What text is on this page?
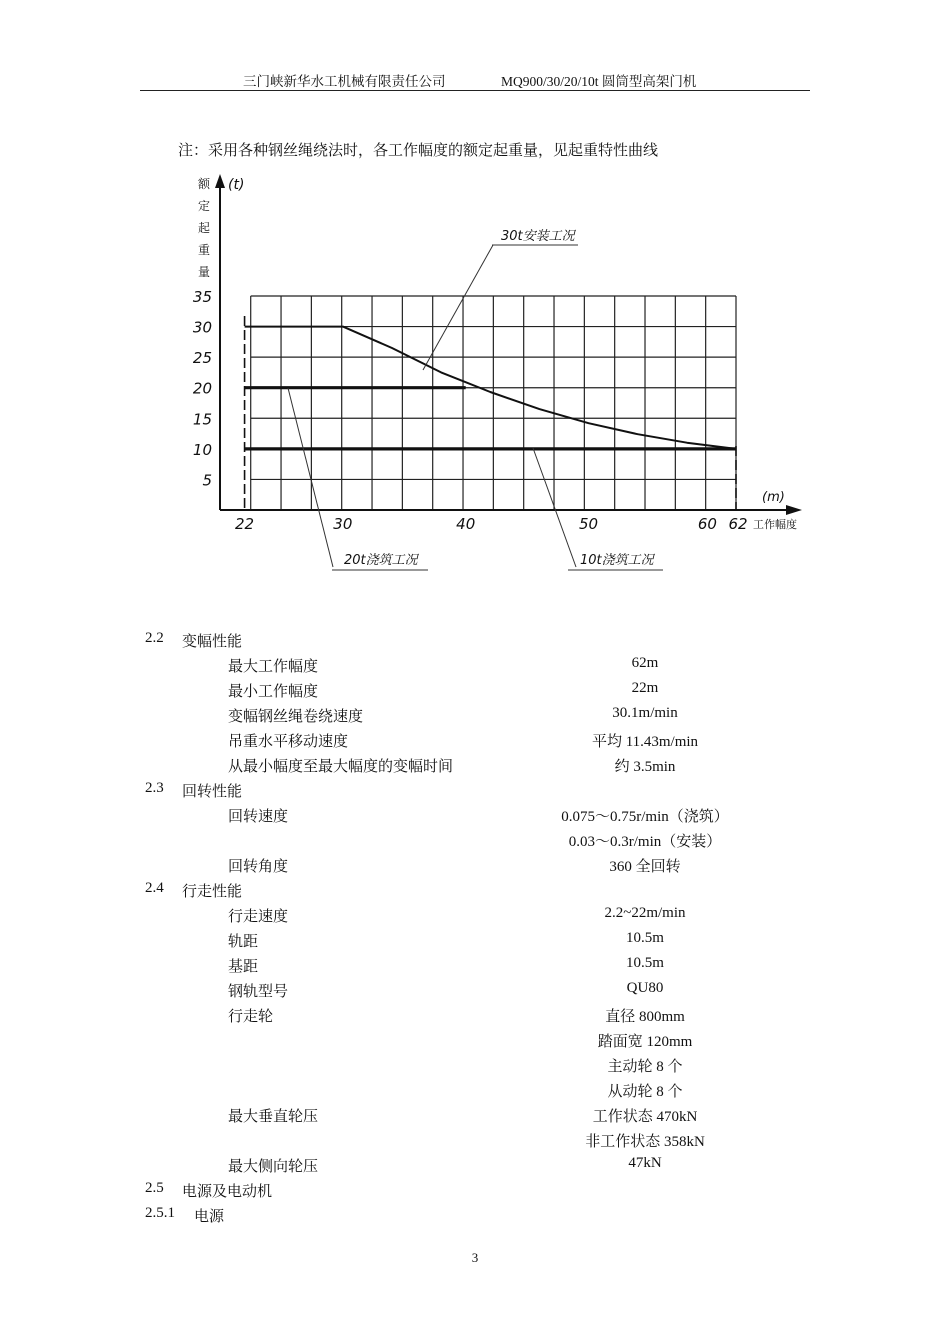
三门峡新华水工机械有限责任公司	MQ900/30/20/10t 圆筒型高架门机
注：采用各种钢丝绳绕法时，各工作幅度的额定起重量，见起重特性曲线
5
10
15
20
25
30
35
22	30	40	50	60 62
额
定
起
重
量
(t)
(m)
工作幅度
30t安装工况
20t浇筑工况	10t浇筑工况
2.2 变幅性能
最大工作幅度	62m
最小工作幅度	22m
变幅钢丝绳卷绕速度	30.1m/min
吊重水平移动速度	平均 11.43m/min
从最小幅度至最大幅度的变幅时间	约 3.5min
2.3 回转性能
回转速度	0.075～0.75r/min（浇筑）
0.03～0.3r/min（安装）
回转角度	360 全回转
2.4 行走性能
行走速度	2.2~22m/min
轨距	10.5m
基距	10.5m
钢轨型号	QU80
行走轮	直径 800mm
踏面宽 120mm
主动轮 8 个
从动轮 8 个
最大垂直轮压	工作状态 470kN
非工作状态 358kN
最大侧向轮压	47kN
2.5 电源及电动机
2.5.1 电源
3
